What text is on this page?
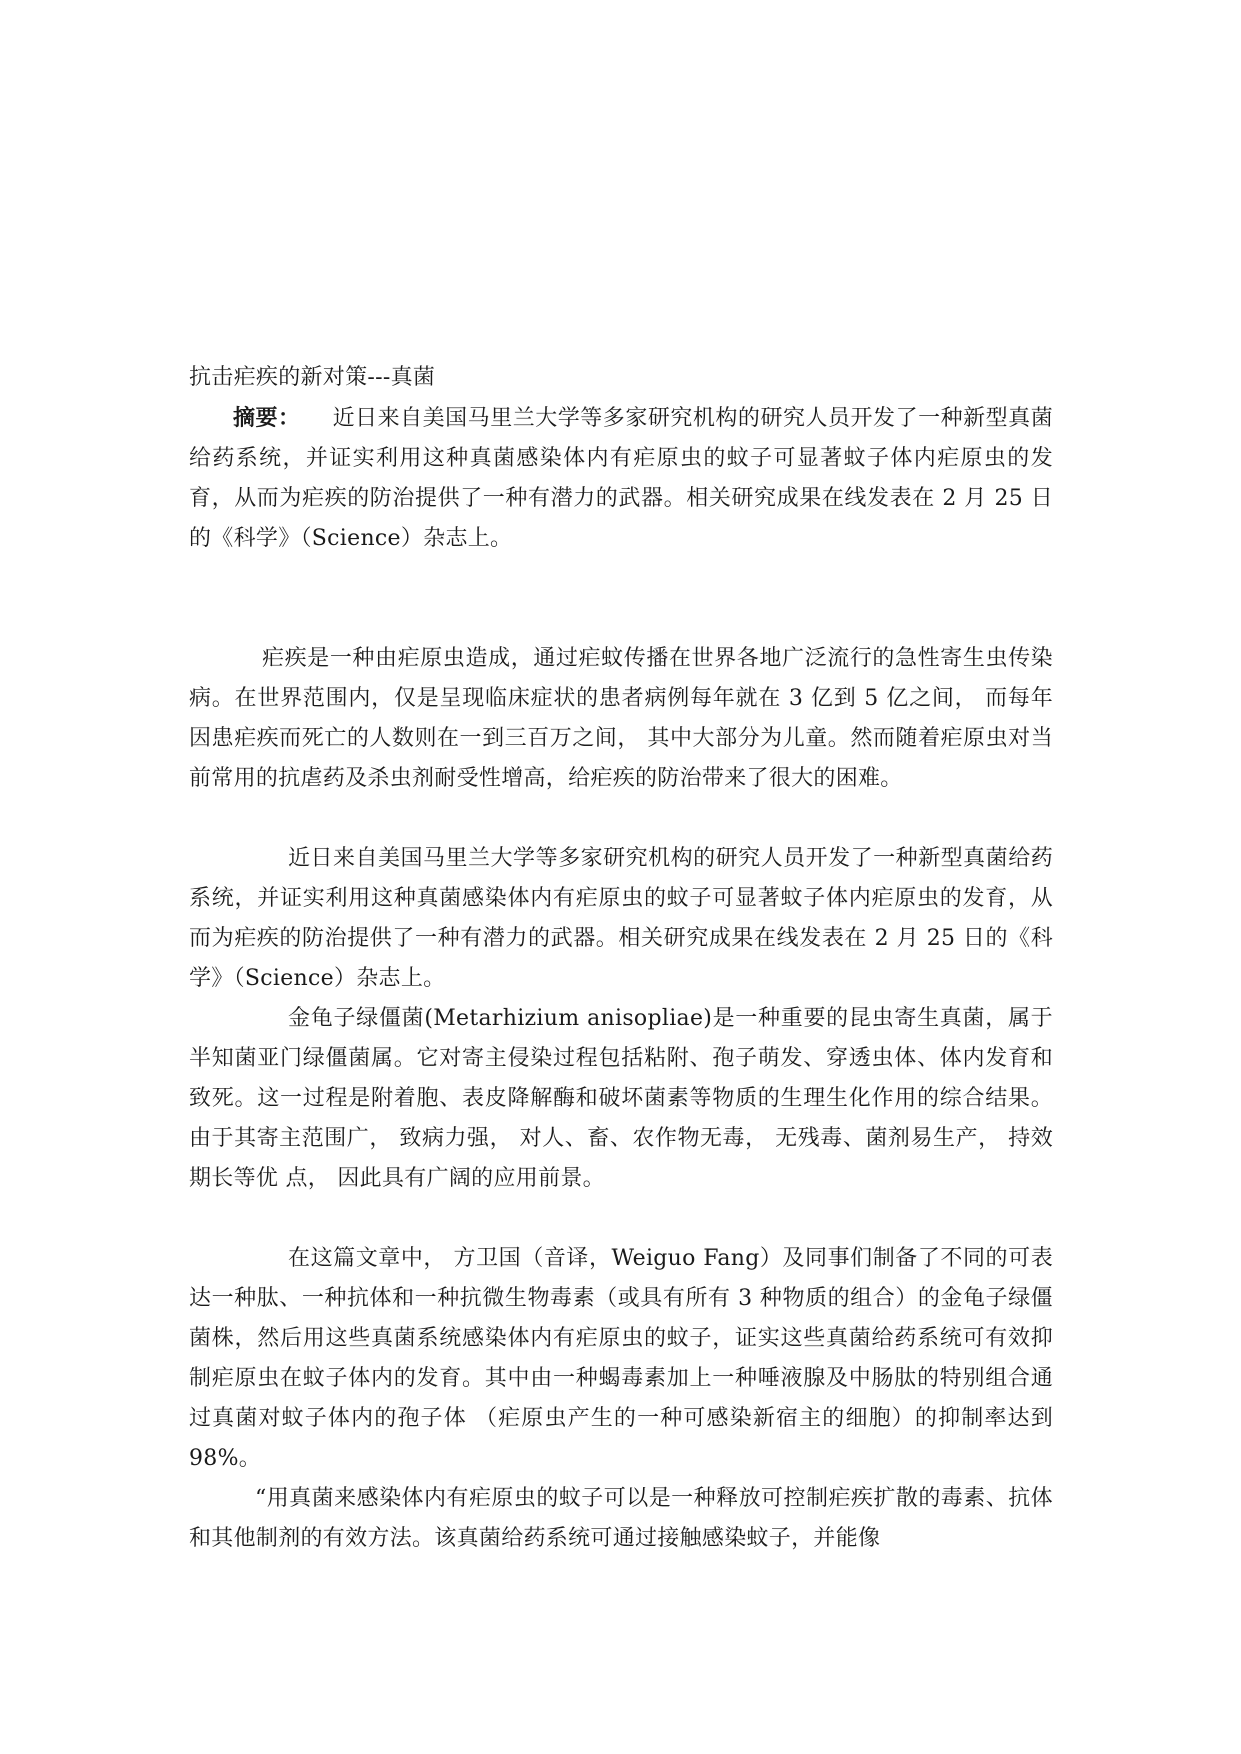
抗击疟疾的新对策---真菌

摘要： 近日来自美国马里兰大学等多家研究机构的研究人员开发了一种新型真菌给药系统，并证实利用这种真菌感染体内有疟原虫的蚊子可显著蚊子体内疟原虫的发育，从而为疟疾的防治提供了一种有潜力的武器。相关研究成果在线发表在 2 月 25 日的《科学》（Science）杂志上。

疟疾是一种由疟原虫造成，通过疟蚊传播在世界各地广泛流行的急性寄生虫传染病。在世界范围内，仅是呈现临床症状的患者病例每年就在 3 亿到 5 亿之间， 而每年 因患疟疾而死亡的人数则在一到三百万之间， 其中大部分为儿童。然而随着疟原虫对当前常用的抗虐药及杀虫剂耐受性增高，给疟疾的防治带来了很大的困难。

近日来自美国马里兰大学等多家研究机构的研究人员开发了一种新型真菌给药系统，并证实利用这种真菌感染体内有疟原虫的蚊子可显著蚊子体内疟原虫的发育，从而为疟疾的防治提供了一种有潜力的武器。相关研究成果在线发表在 2 月 25 日的《科学》（Science）杂志上。

金龟子绿僵菌(Metarhizium anisopliae)是一种重要的昆虫寄生真菌，属于半知菌亚门绿僵菌属。它对寄主侵染过程包括粘附、孢子萌发、穿透虫体、体内发育和致死。这一过程是附着胞、表皮降解酶和破坏菌素等物质的生理生化作用的综合结果。由于其寄主范围广， 致病力强， 对人、畜、农作物无毒， 无残毒、菌剂易生产， 持效期长等优 点， 因此具有广阔的应用前景。

在这篇文章中， 方卫国（音译，Weiguo Fang）及同事们制备了不同的可表达一种肽、一种抗体和一种抗微生物毒素（或具有所有 3 种物质的组合）的金龟子绿僵菌株，然后用这些真菌系统感染体内有疟原虫的蚊子，证实这些真菌给药系统可有效抑制疟原虫在蚊子体内的发育。其中由一种蝎毒素加上一种唾液腺及中肠肽的特别组合通过真菌对蚊子体内的孢子体 （疟原虫产生的一种可感染新宿主的细胞）的抑制率达到 98%。

“用真菌来感染体内有疟原虫的蚊子可以是一种释放可控制疟疾扩散的毒素、抗体和其他制剂的有效方法。该真菌给药系统可通过接触感染蚊子，并能像
